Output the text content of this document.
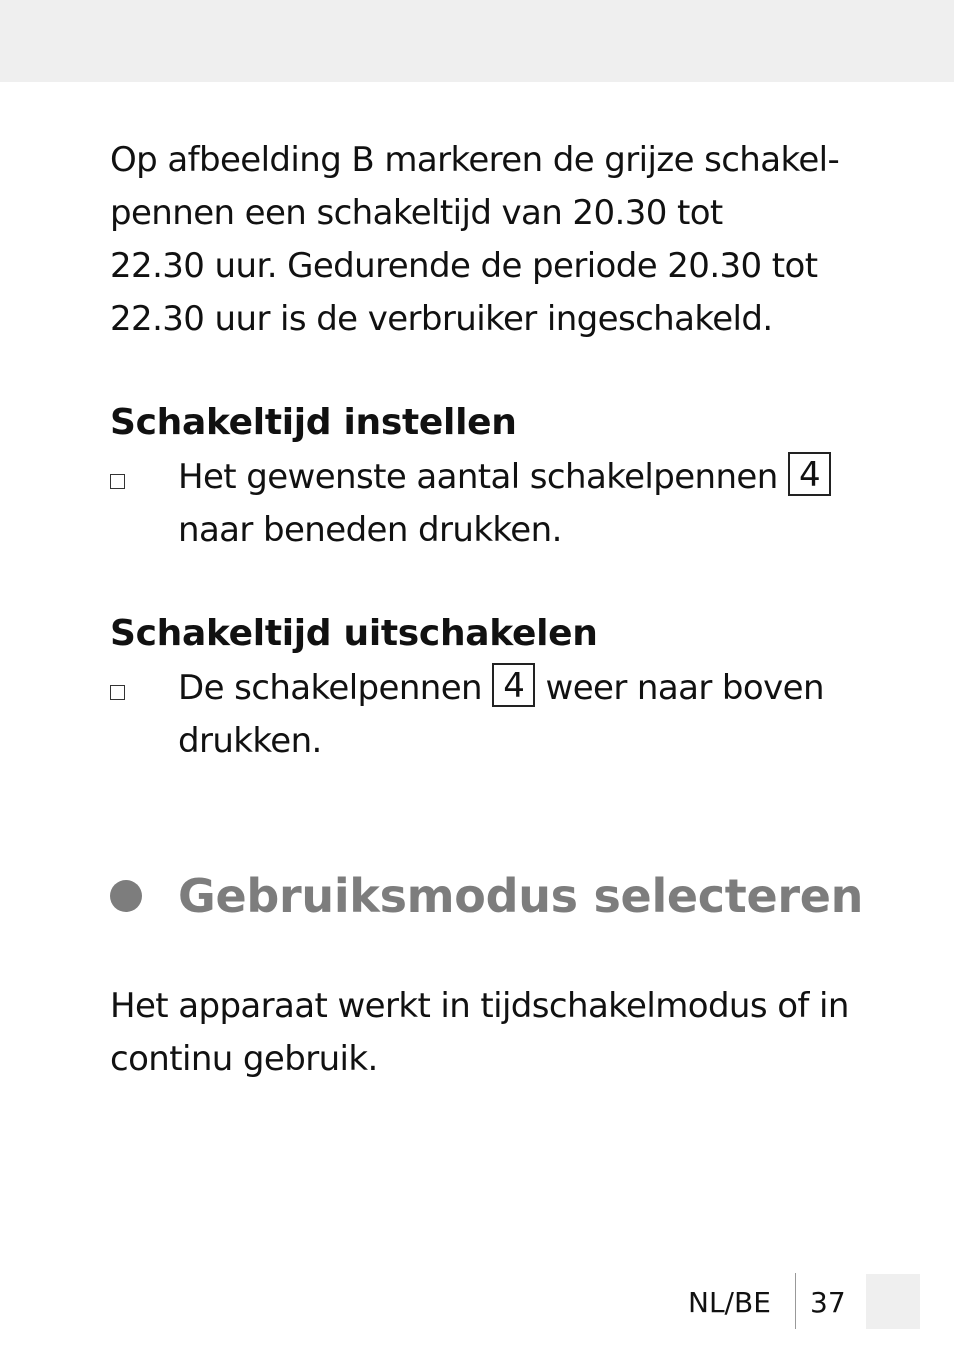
Op afbeelding B markeren de grijze schakel-
pennen een schakeltijd van 20.30 tot
22.30 uur. Gedurende de periode 20.30 tot
22.30 uur is de verbruiker ingeschakeld.
Schakeltijd instellen

Het gewenste aantal schakelpennen 4
naar beneden drukken.

Schakeltijd uitschakelen

De schakelpennen 4 weer naar boven
drukken.

Gebruiksmodus selecteren
Het apparaat werkt in tijdschakelmodus of in
continu gebruik.
NL/BE 37
